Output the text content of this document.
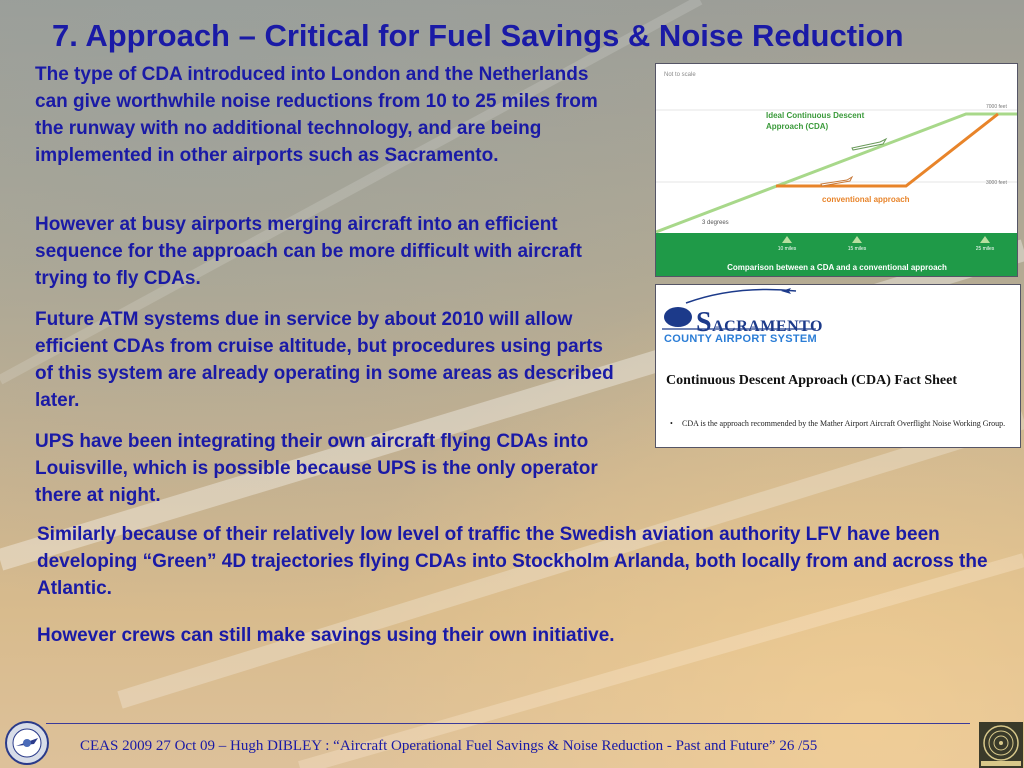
7. Approach – Critical for Fuel Savings & Noise Reduction

The type of CDA introduced into London and the Netherlands can give worthwhile noise reductions from 10 to 25 miles from the runway with no additional technology, and are being implemented in other airports such as Sacramento.

However at busy airports merging aircraft into an efficient sequence for the approach can be more difficult with aircraft trying to fly CDAs.

Future ATM systems due in service by about 2010 will allow efficient CDAs from cruise altitude, but procedures using parts of this system are already operating in some areas as described later.

UPS have been integrating their own aircraft flying CDAs into Louisville, which is possible because UPS is the only operator there at night.

Similarly because of their relatively low level of traffic the Swedish aviation authority LFV have been developing “Green” 4D trajectories flying CDAs into Stockholm Arlanda, both locally from and across the Atlantic.

However crews can still make savings using their own initiative.

Not to scale
Ideal Continuous Descent
Approach (CDA)
conventional approach
7000 feet
3000 feet
3 degrees
10 miles	15 miles	25 miles
Comparison between a CDA and a conventional approach
SACRAMENTO
COUNTY AIRPORT SYSTEM
Continuous Descent Approach (CDA) Fact Sheet
• CDA is the approach recommended by the Mather Airport Aircraft Overflight Noise Working Group.
CEAS 2009 27 Oct 09 – Hugh DIBLEY : “Aircraft Operational Fuel Savings & Noise Reduction - Past and Future” 26 /55
